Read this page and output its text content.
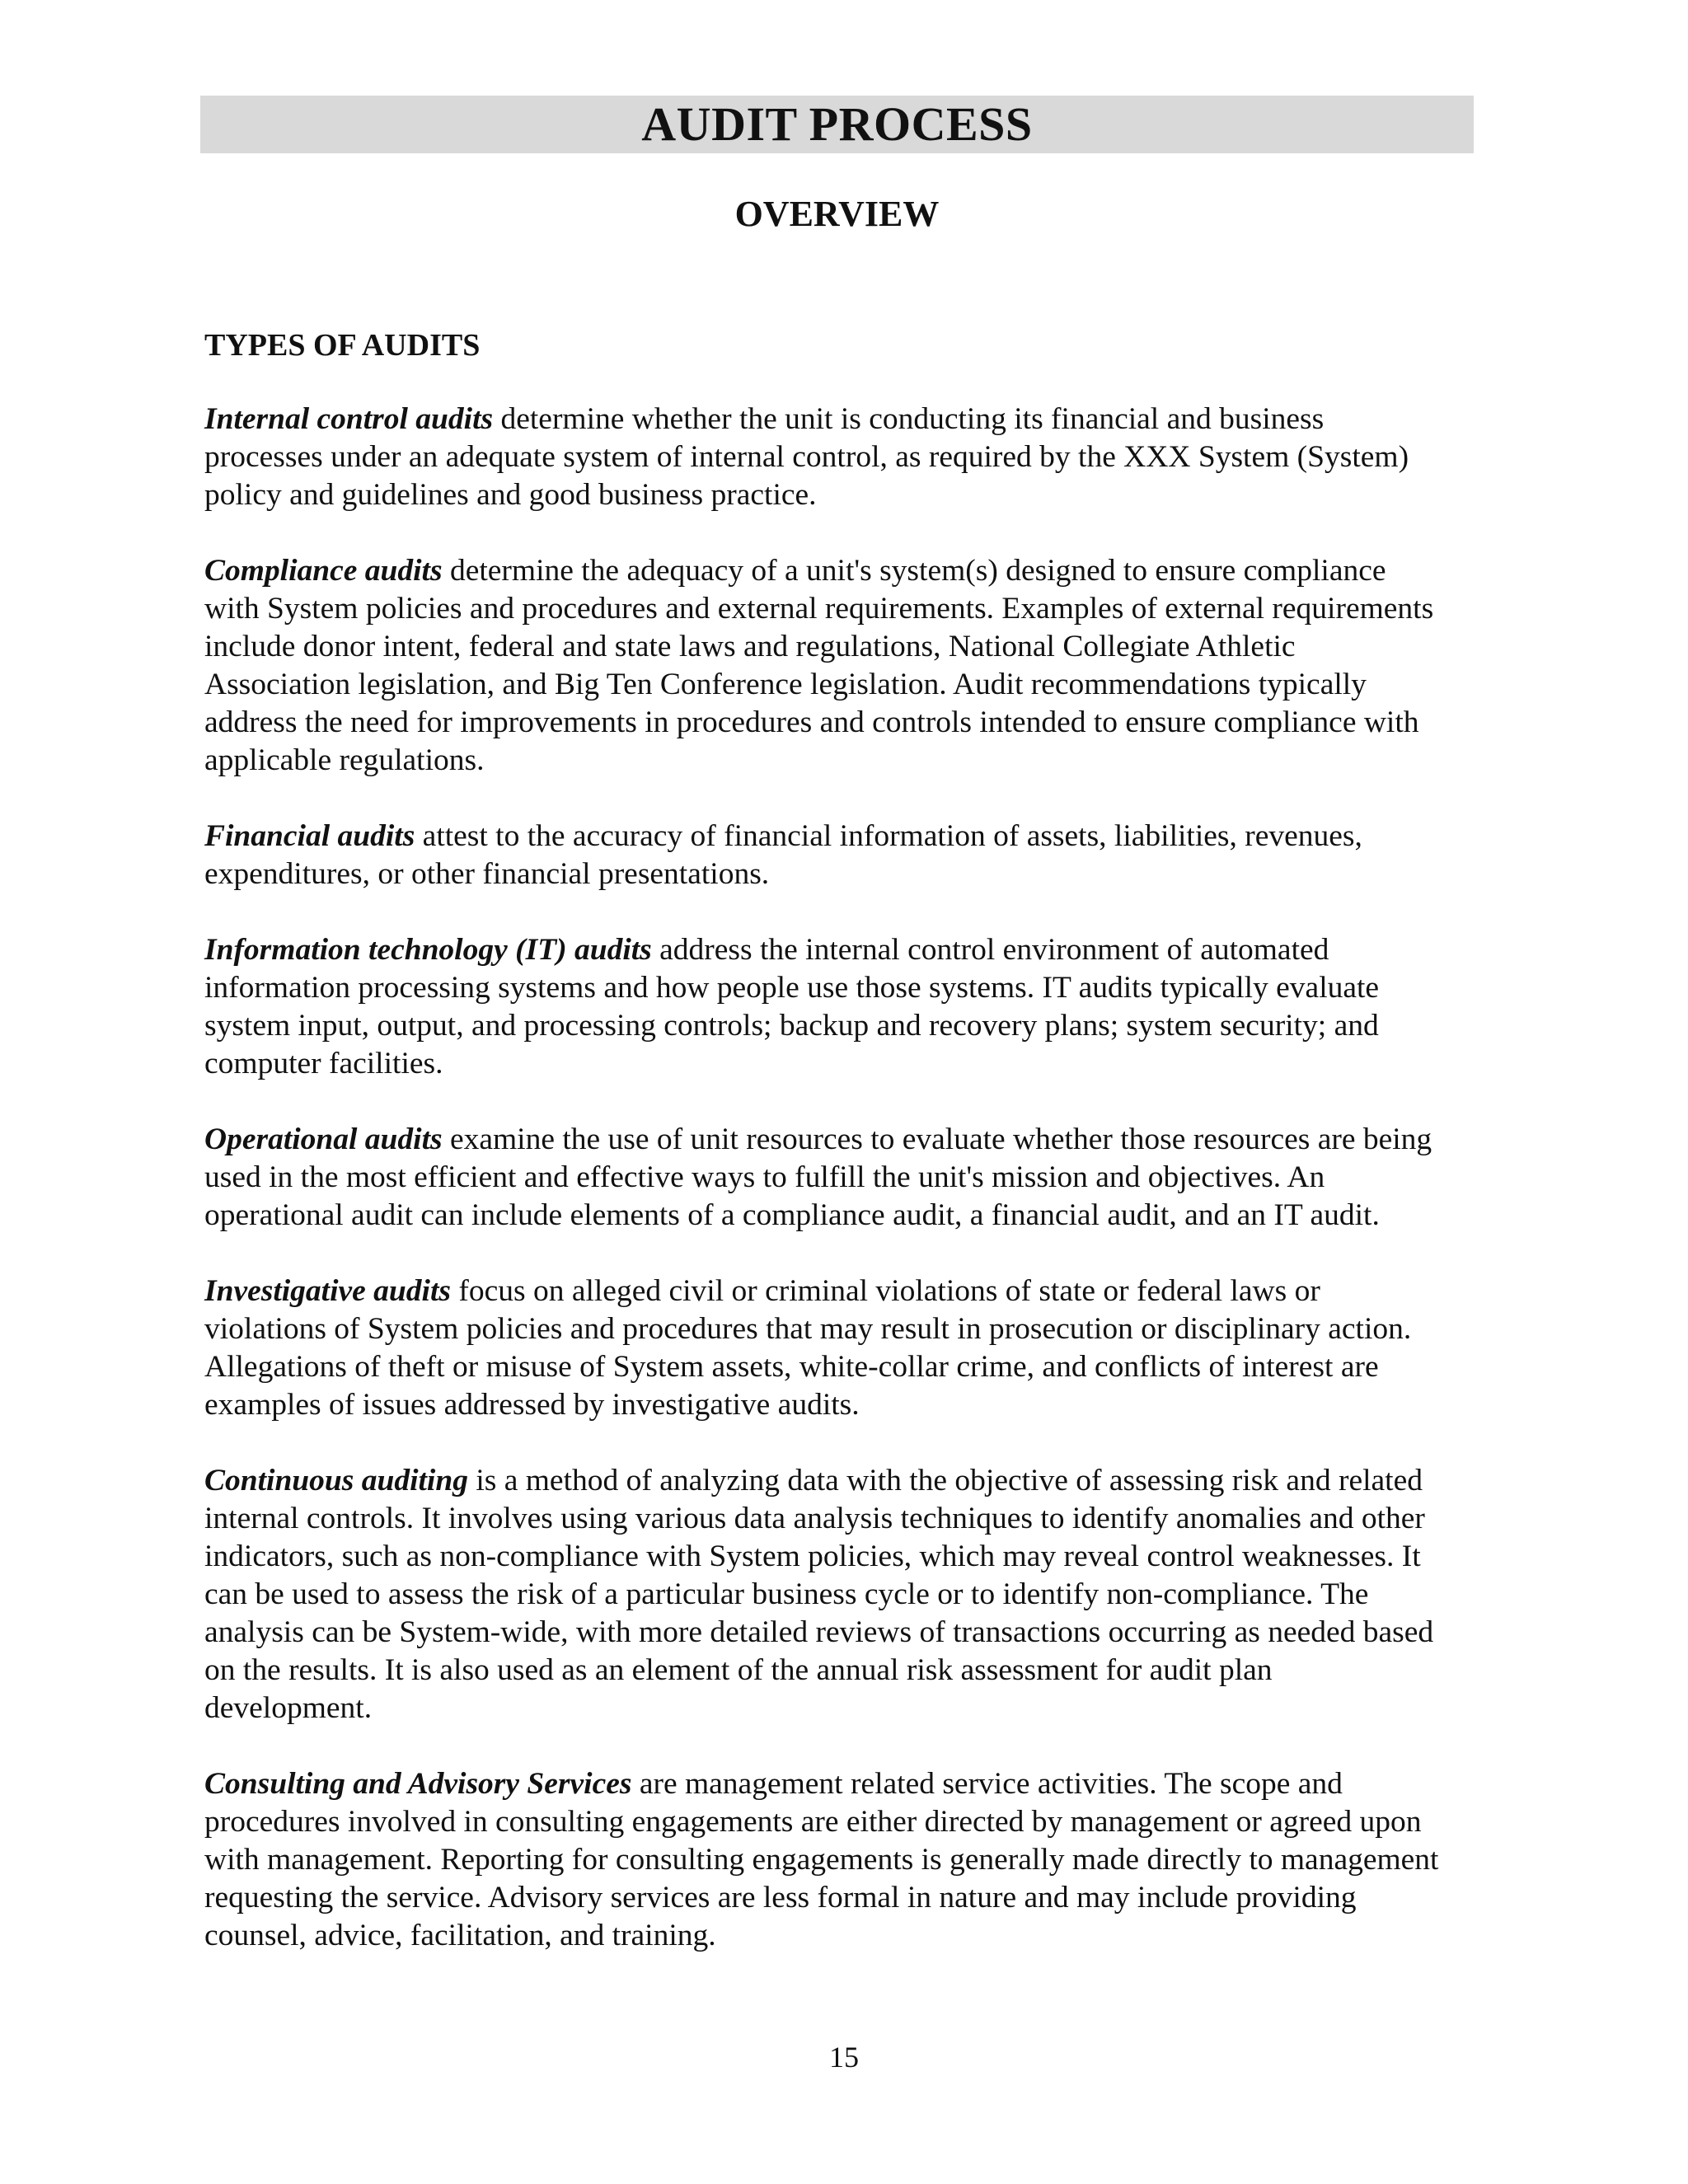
AUDIT PROCESS
OVERVIEW
TYPES OF AUDITS

Internal control audits determine whether the unit is conducting its financial and business processes under an adequate system of internal control, as required by the XXX System (System) policy and guidelines and good business practice.

Compliance audits determine the adequacy of a unit's system(s) designed to ensure compliance with System policies and procedures and external requirements. Examples of external requirements include donor intent, federal and state laws and regulations, National Collegiate Athletic Association legislation, and Big Ten Conference legislation. Audit recommendations typically address the need for improvements in procedures and controls intended to ensure compliance with applicable regulations.

Financial audits attest to the accuracy of financial information of assets, liabilities, revenues, expenditures, or other financial presentations.

Information technology (IT) audits address the internal control environment of automated information processing systems and how people use those systems. IT audits typically evaluate system input, output, and processing controls; backup and recovery plans; system security; and computer facilities.

Operational audits examine the use of unit resources to evaluate whether those resources are being used in the most efficient and effective ways to fulfill the unit's mission and objectives. An operational audit can include elements of a compliance audit, a financial audit, and an IT audit.

Investigative audits focus on alleged civil or criminal violations of state or federal laws or violations of System policies and procedures that may result in prosecution or disciplinary action. Allegations of theft or misuse of System assets, white-collar crime, and conflicts of interest are examples of issues addressed by investigative audits.

Continuous auditing is a method of analyzing data with the objective of assessing risk and related internal controls. It involves using various data analysis techniques to identify anomalies and other indicators, such as non-compliance with System policies, which may reveal control weaknesses. It can be used to assess the risk of a particular business cycle or to identify non-compliance. The analysis can be System-wide, with more detailed reviews of transactions occurring as needed based on the results. It is also used as an element of the annual risk assessment for audit plan development.

Consulting and Advisory Services are management related service activities. The scope and procedures involved in consulting engagements are either directed by management or agreed upon with management. Reporting for consulting engagements is generally made directly to management requesting the service. Advisory services are less formal in nature and may include providing counsel, advice, facilitation, and training.

15
